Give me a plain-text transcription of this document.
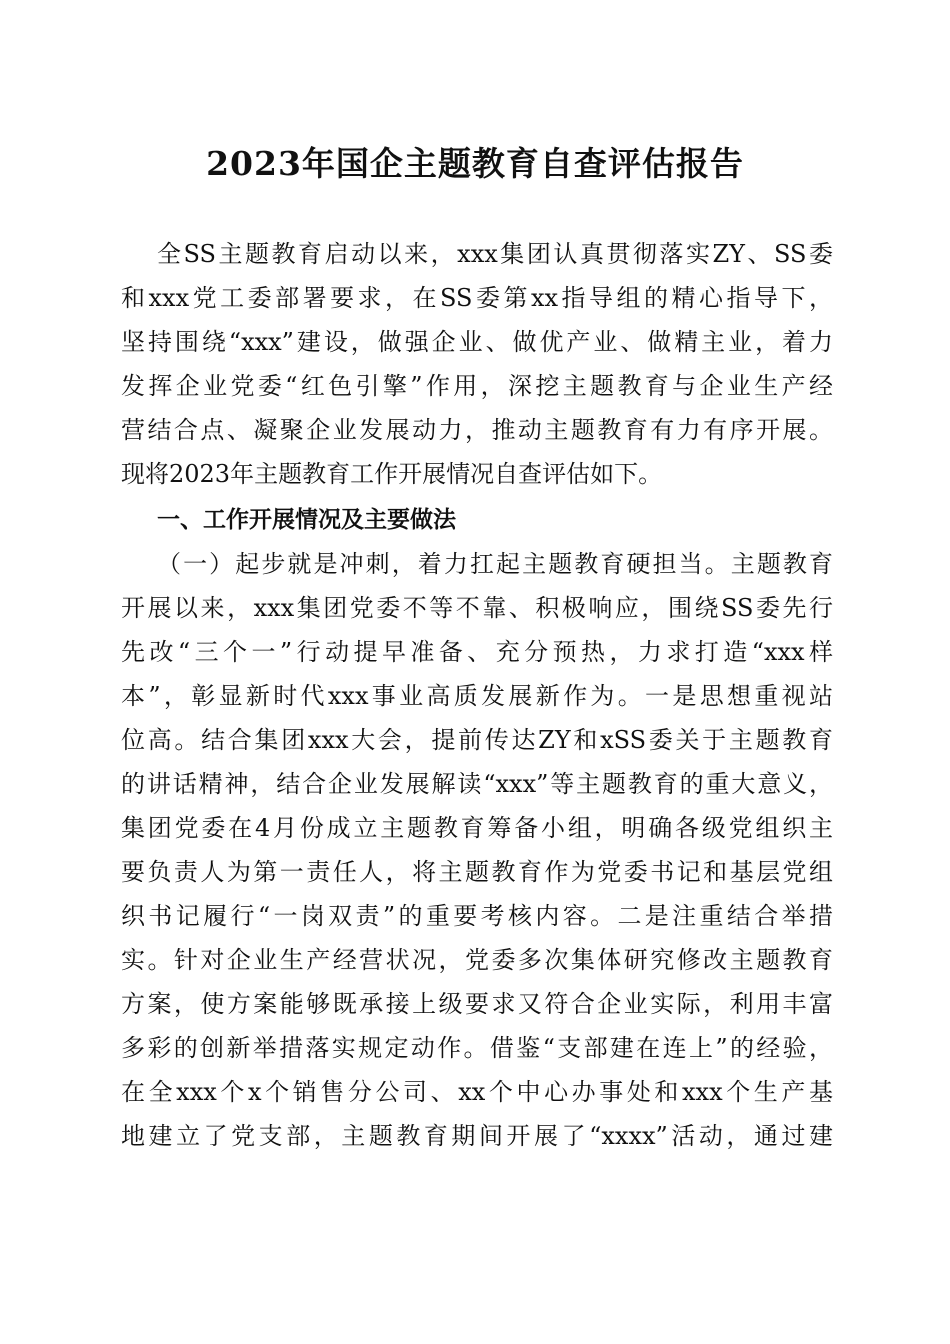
2023年国企主题教育自查评估报告
全SS主题教育启动以来，xxx集团认真贯彻落实ZY、SS委
和xxx党工委部署要求，在SS委第xx指导组的精心指导下，
坚持围绕“xxx”建设，做强企业、做优产业、做精主业，着力
发挥企业党委“红色引擎”作用，深挖主题教育与企业生产经
营结合点、凝聚企业发展动力，推动主题教育有力有序开展。
现将2023年主题教育工作开展情况自查评估如下。
一、工作开展情况及主要做法
（一）起步就是冲刺，着力扛起主题教育硬担当。主题教育
开展以来，xxx集团党委不等不靠、积极响应，围绕SS委先行
先改“三个一”行动提早准备、充分预热，力求打造“xxx样
本”，彰显新时代xxx事业高质发展新作为。一是思想重视站
位高。结合集团xxx大会，提前传达ZY和xSS委关于主题教育
的讲话精神，结合企业发展解读“xxx”等主题教育的重大意义，
集团党委在4月份成立主题教育筹备小组，明确各级党组织主
要负责人为第一责任人，将主题教育作为党委书记和基层党组
织书记履行“一岗双责”的重要考核内容。二是注重结合举措
实。针对企业生产经营状况，党委多次集体研究修改主题教育
方案，使方案能够既承接上级要求又符合企业实际，利用丰富
多彩的创新举措落实规定动作。借鉴“支部建在连上”的经验，
在全xxx个x个销售分公司、xx个中心办事处和xxx个生产基
地建立了党支部，主题教育期间开展了“xxxx”活动，通过建
